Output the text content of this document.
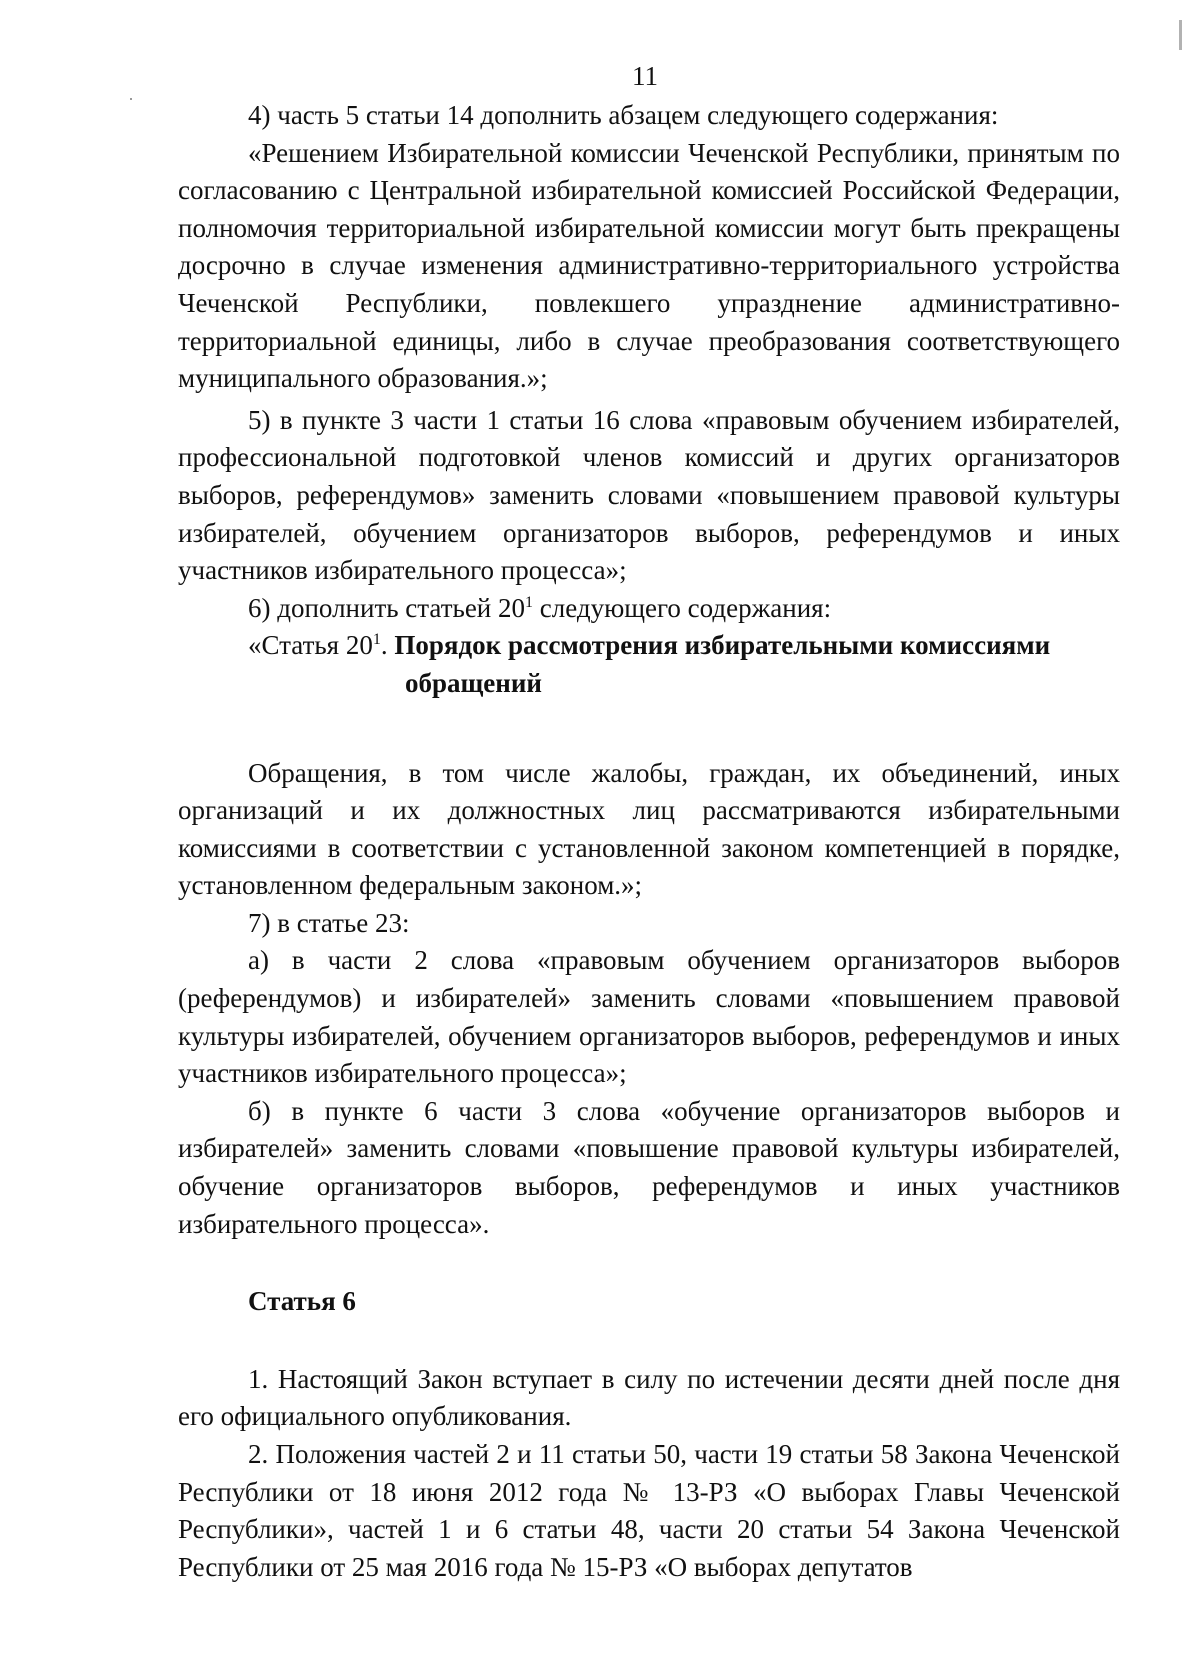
11

4) часть 5 статьи 14 дополнить абзацем следующего содержания:

«Решением Избирательной комиссии Чеченской Республики, принятым по согласованию с Центральной избирательной комиссией Российской Федерации, полномочия территориальной избирательной комиссии могут быть прекращены досрочно в случае изменения административно-территориального устройства Чеченской Республики, повлекшего упразднение административно-территориальной единицы, либо в случае преобразования соответствующего муниципального образования.»;

5) в пункте 3 части 1 статьи 16 слова «правовым обучением избирателей, профессиональной подготовкой членов комиссий и других организаторов выборов, референдумов» заменить словами «повышением правовой культуры избирателей, обучением организаторов выборов, референдумов и иных участников избирательного процесса»;

6) дополнить статьей $20^1$ следующего содержания:

«Статья $20^1$. Порядок рассмотрения избирательными комиссиями

обращений

Обращения, в том числе жалобы, граждан, их объединений, иных организаций и их должностных лиц рассматриваются избирательными комиссиями в соответствии с установленной законом компетенцией в порядке, установленном федеральным законом.»;

7) в статье 23:

а) в части 2 слова «правовым обучением организаторов выборов (референдумов) и избирателей» заменить словами «повышением правовой культуры избирателей, обучением организаторов выборов, референдумов и иных участников избирательного процесса»;

б) в пункте 6 части 3 слова «обучение организаторов выборов и избирателей» заменить словами «повышение правовой культуры избирателей, обучение организаторов выборов, референдумов и иных участников избирательного процесса».

Статья 6

1. Настоящий Закон вступает в силу по истечении десяти дней после дня его официального опубликования.

2. Положения частей 2 и 11 статьи 50, части 19 статьи 58 Закона Чеченской Республики от 18 июня 2012 года № 13-РЗ «О выборах Главы Чеченской Республики», частей 1 и 6 статьи 48, части 20 статьи 54 Закона Чеченской Республики от 25 мая 2016 года № 15-РЗ «О выборах депутатов
